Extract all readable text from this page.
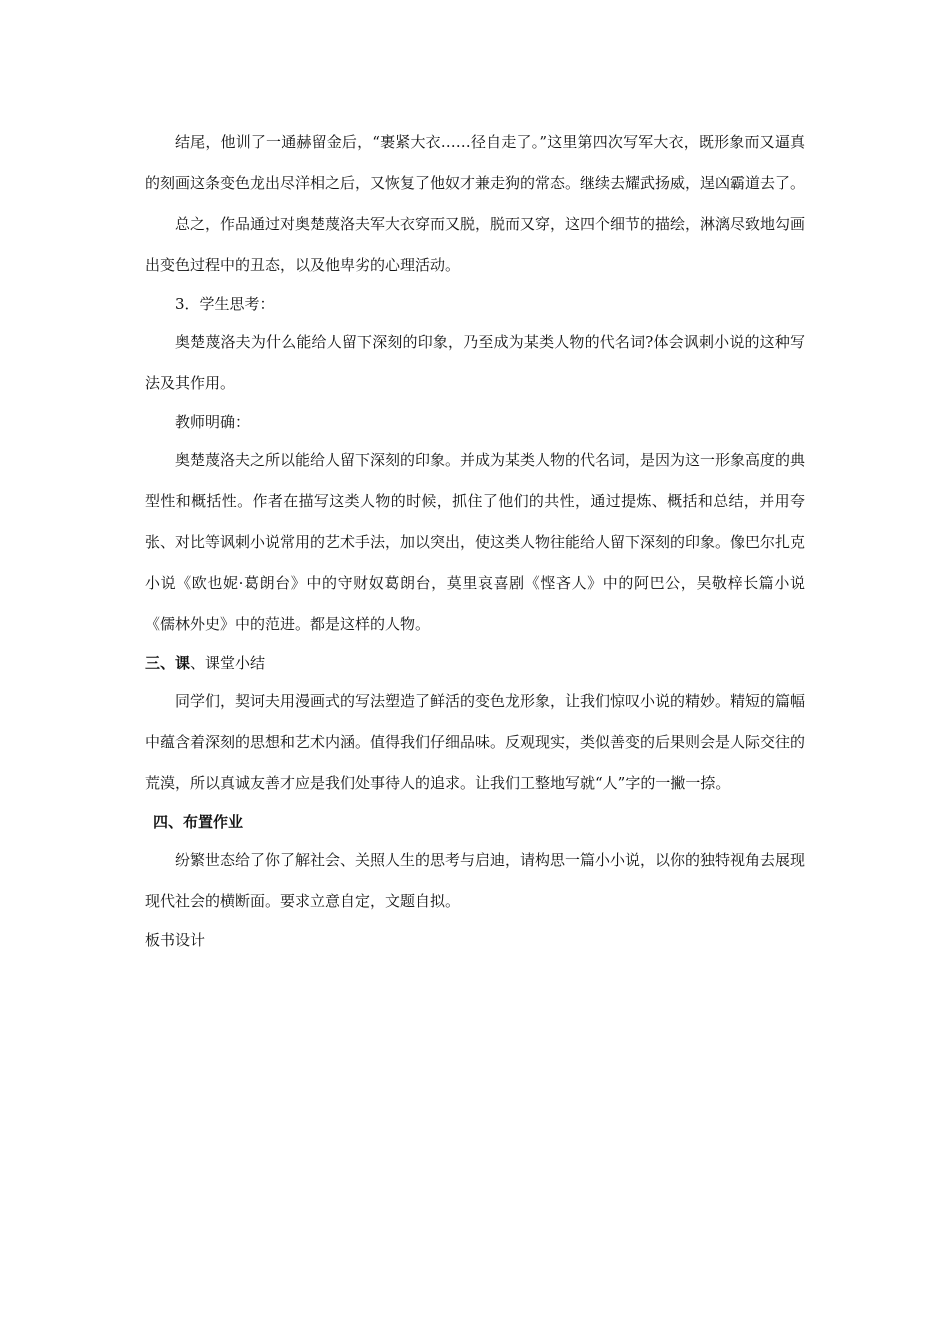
结尾，他训了一通赫留金后，“裹紧大衣……径自走了。”这里第四次写军大衣，既形象而又逼真的刻画这条变色龙出尽洋相之后，又恢复了他奴才兼走狗的常态。继续去耀武扬威，逞凶霸道去了。

总之，作品通过对奥楚蔑洛夫军大衣穿而又脱，脱而又穿，这四个细节的描绘，淋漓尽致地勾画出变色过程中的丑态，以及他卑劣的心理活动。

3．学生思考：

奥楚蔑洛夫为什么能给人留下深刻的印象，乃至成为某类人物的代名词?体会讽刺小说的这种写法及其作用。

教师明确：

奥楚蔑洛夫之所以能给人留下深刻的印象。并成为某类人物的代名词，是因为这一形象高度的典型性和概括性。作者在描写这类人物的时候，抓住了他们的共性，通过提炼、概括和总结，并用夸张、对比等讽刺小说常用的艺术手法，加以突出，使这类人物往能给人留下深刻的印象。像巴尔扎克小说《欧也妮·葛朗台》中的守财奴葛朗台，莫里哀喜剧《悭吝人》中的阿巴公，吴敬梓长篇小说《儒林外史》中的范进。都是这样的人物。

三、课、课堂小结

同学们，契诃夫用漫画式的写法塑造了鲜活的变色龙形象，让我们惊叹小说的精妙。精短的篇幅中蕴含着深刻的思想和艺术内涵。值得我们仔细品味。反观现实，类似善变的后果则会是人际交往的荒漠，所以真诚友善才应是我们处事待人的追求。让我们工整地写就“人”字的一撇一捺。

四、布置作业

纷繁世态给了你了解社会、关照人生的思考与启迪，请构思一篇小小说，以你的独特视角去展现现代社会的横断面。要求立意自定，文题自拟。

板书设计
